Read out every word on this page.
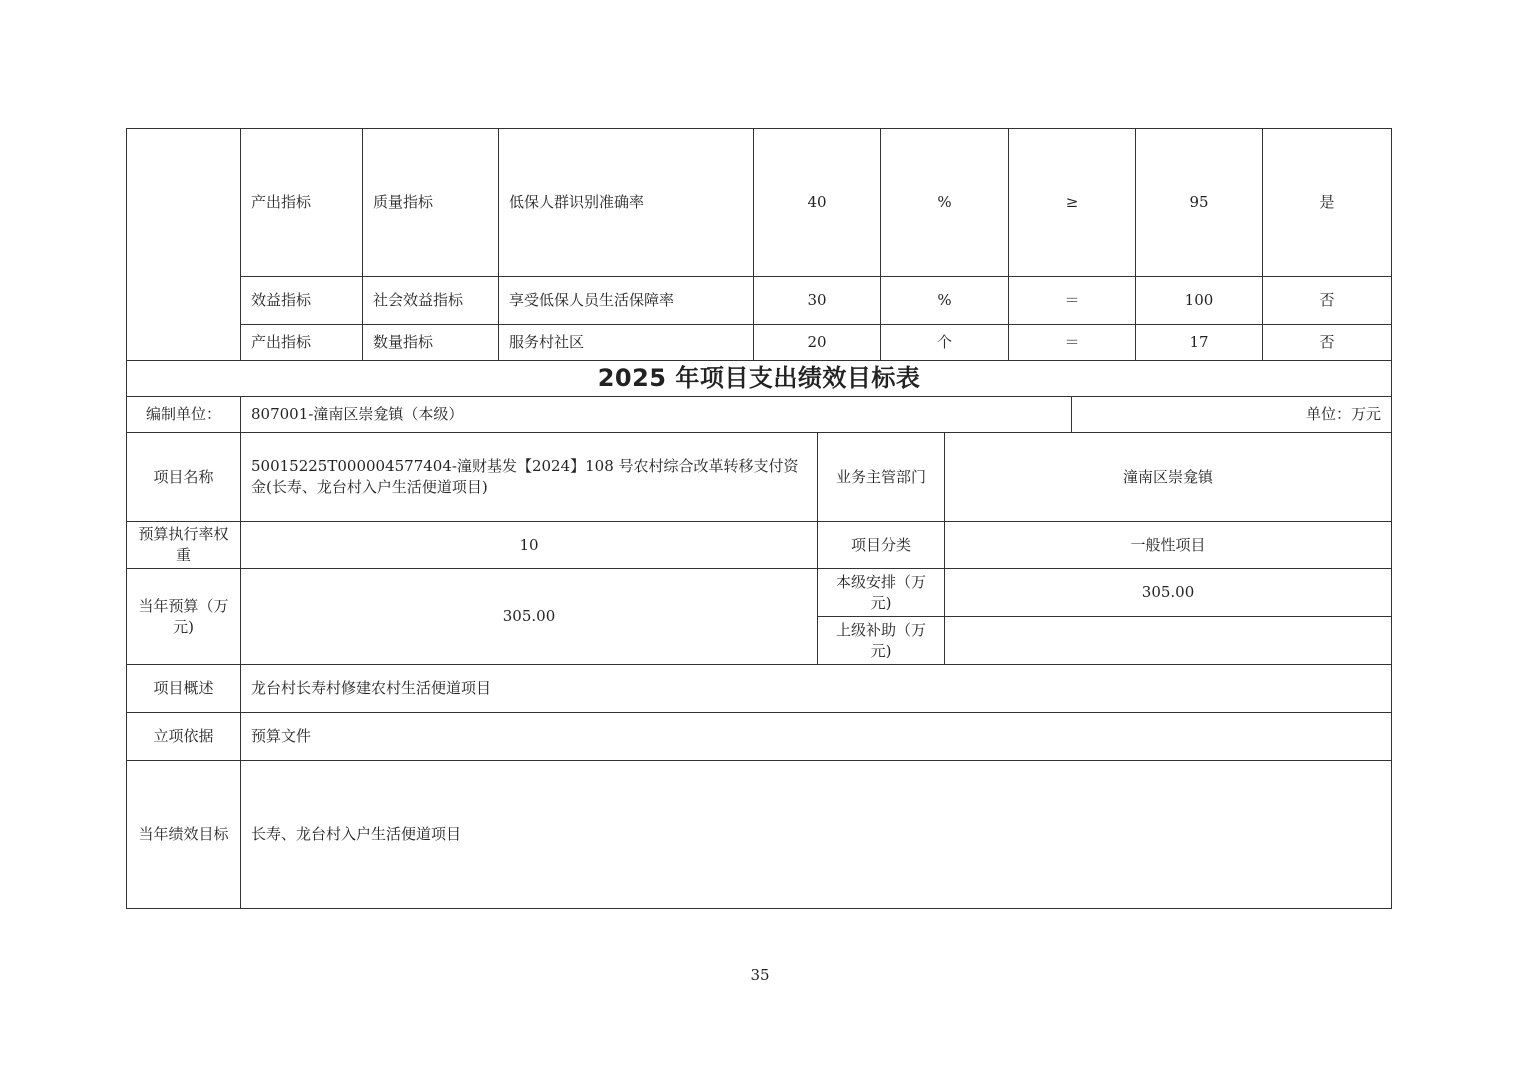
	产出指标	质量指标	低保人群识别准确率	40	%	≥	95	是
	效益指标	社会效益指标	享受低保人员生活保障率	30	%	＝	100	否
	产出指标	数量指标	服务村社区	20	个	＝	17	否
2025 年项目支出绩效目标表				
编制单位：	807001-潼南区崇龛镇（本级）			单位：万元
项目名称	50015225T000004577404-潼财基发【2024】108 号农村综合改革转移支付资金(长寿、龙台村入户生活便道项目)	业务主管部门	潼南区崇龛镇	
预算执行率权重	10	项目分类	一般性项目	
当年预算（万元)	305.00	本级安排（万元)	305.00	
		上级补助（万元)		
项目概述	龙台村长寿村修建农村生活便道项目			
立项依据	预算文件			
当年绩效目标	长寿、龙台村入户生活便道项目			
35
